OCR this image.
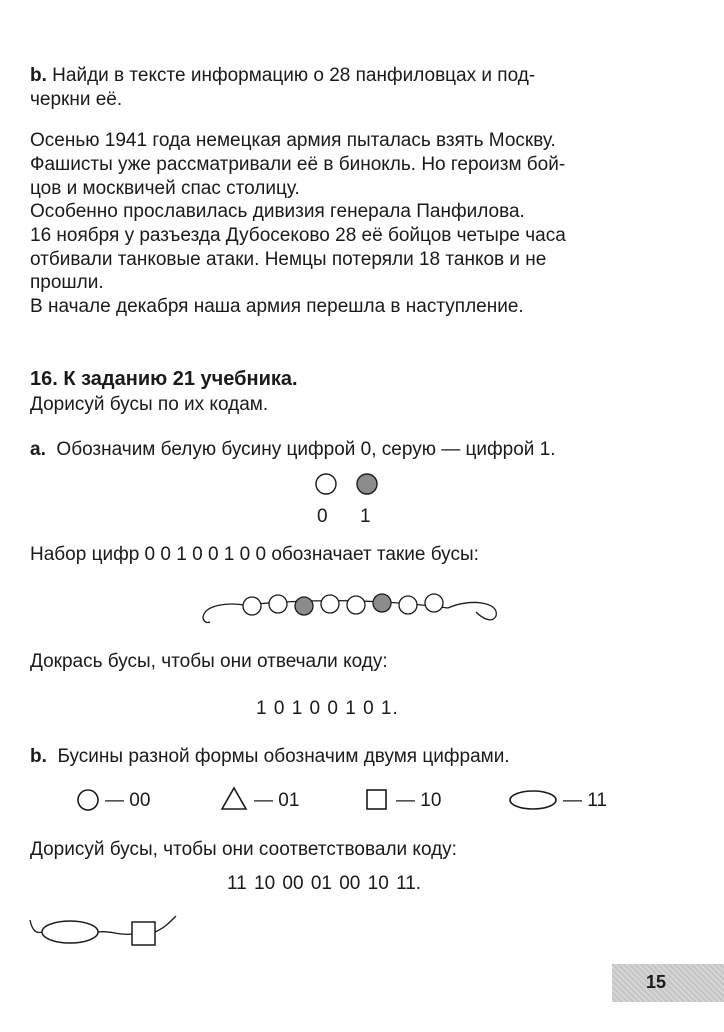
b. Найди в тексте информацию о 28 панфиловцах и под-
черкни её.
Осенью 1941 года немецкая армия пыталась взять Москву.
Фашисты уже рассматривали её в бинокль. Но героизм бой-
цов и москвичей спас столицу.
Особенно прославилась дивизия генерала Панфилова.
16 ноября у разъезда Дубосеково 28 её бойцов четыре часа
отбивали танковые атаки. Немцы потеряли 18 танков и не
прошли.
В начале декабря наша армия перешла в наступление.
16. К заданию 21 учебника.
Дорисуй бусы по их кодам.
а. Обозначим белую бусину цифрой 0, серую — цифрой 1.
0 1
Набор цифр 0 0 1 0 0 1 0 0 обозначает такие бусы:
Докрась бусы, чтобы они отвечали коду:
1 0 1 0 0 1 0 1.
b. Бусины разной формы обозначим двумя цифрами.
— 00	— 01	— 10	— 11
Дорисуй бусы, чтобы они соответствовали коду:
11 10 00 01 00 10 11.
15
